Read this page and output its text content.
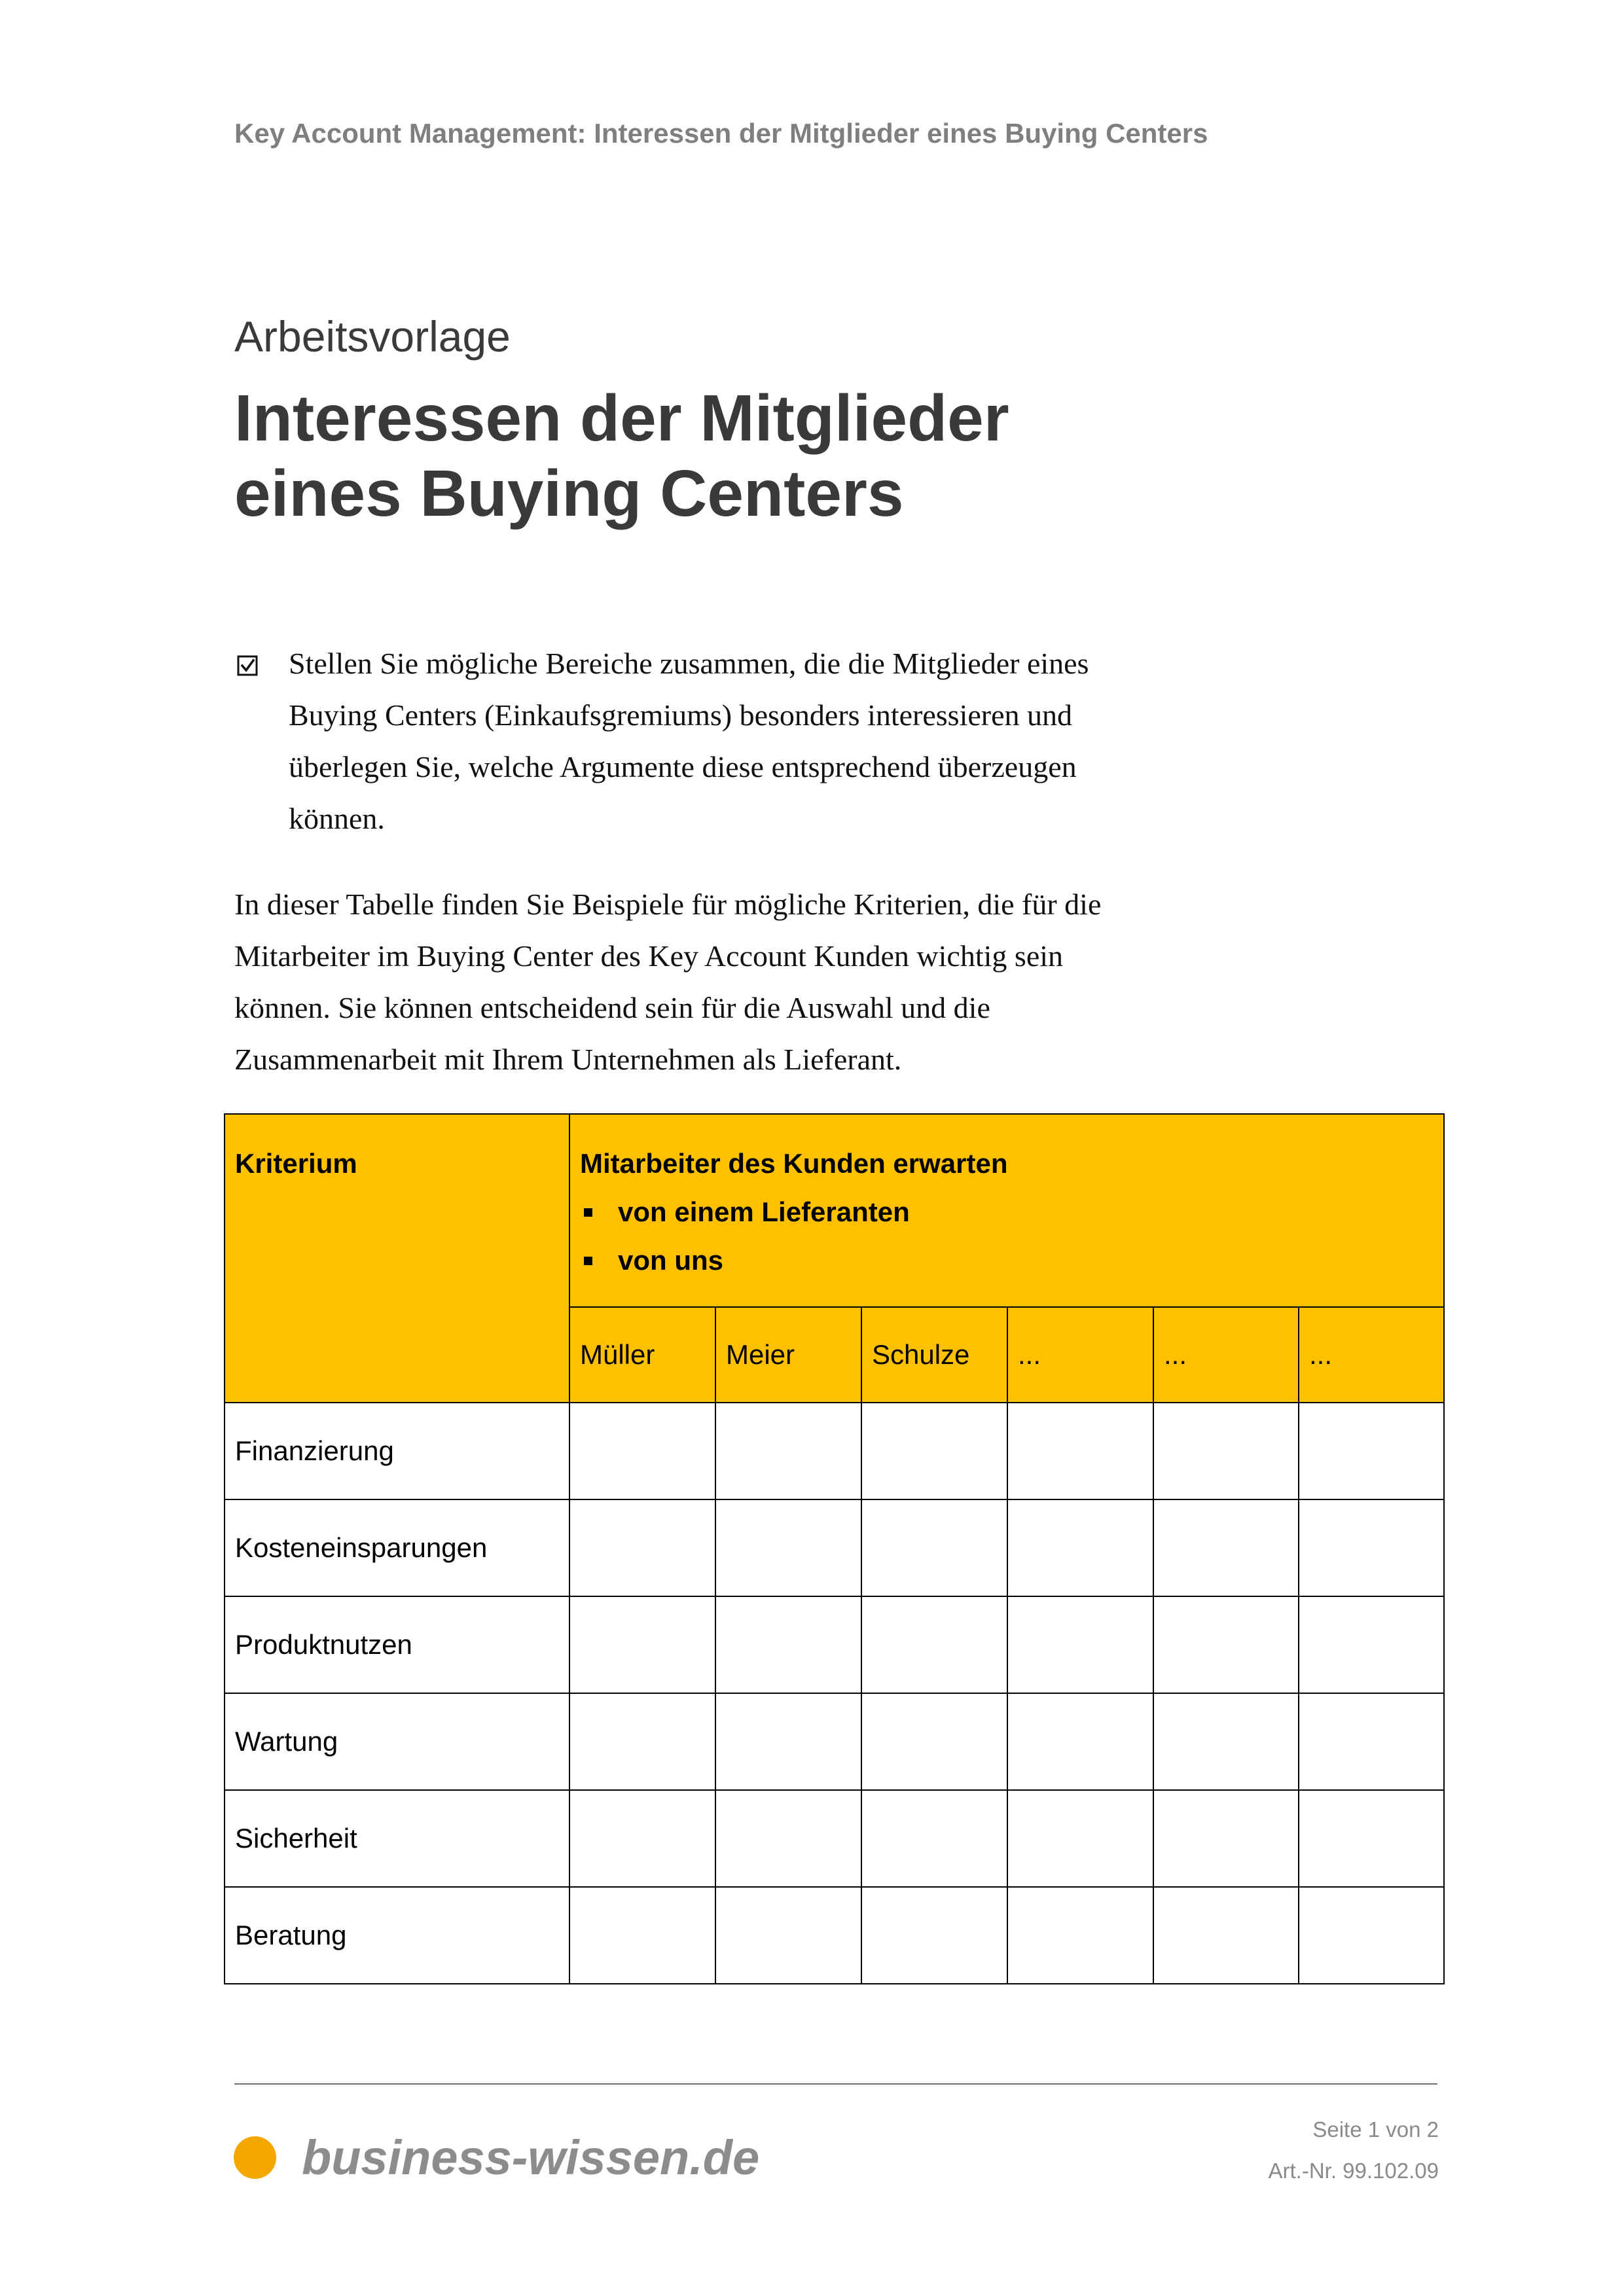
Key Account Management: Interessen der Mitglieder eines Buying Centers
Arbeitsvorlage
Interessen der Mitglieder
eines Buying Centers
Stellen Sie mögliche Bereiche zusammen, die die Mitglieder eines
Buying Centers (Einkaufsgremiums) besonders interessieren und
überlegen Sie, welche Argumente diese entsprechend überzeugen
können.
In dieser Tabelle finden Sie Beispiele für mögliche Kriterien, die für die
Mitarbeiter im Buying Center des Key Account Kunden wichtig sein
können. Sie können entscheidend sein für die Auswahl und die
Zusammenarbeit mit Ihrem Unternehmen als Lieferant.
Kriterium	Mitarbeiter des Kunden erwarten
von einem Lieferanten
von uns					

	Müller	Meier	Schulze	...	...	...
Finanzierung						
Kosteneinsparungen						
Produktnutzen						
Wartung						
Sicherheit						
Beratung						
business-wissen.de
Seite 1 von 2
Art.-Nr. 99.102.09
